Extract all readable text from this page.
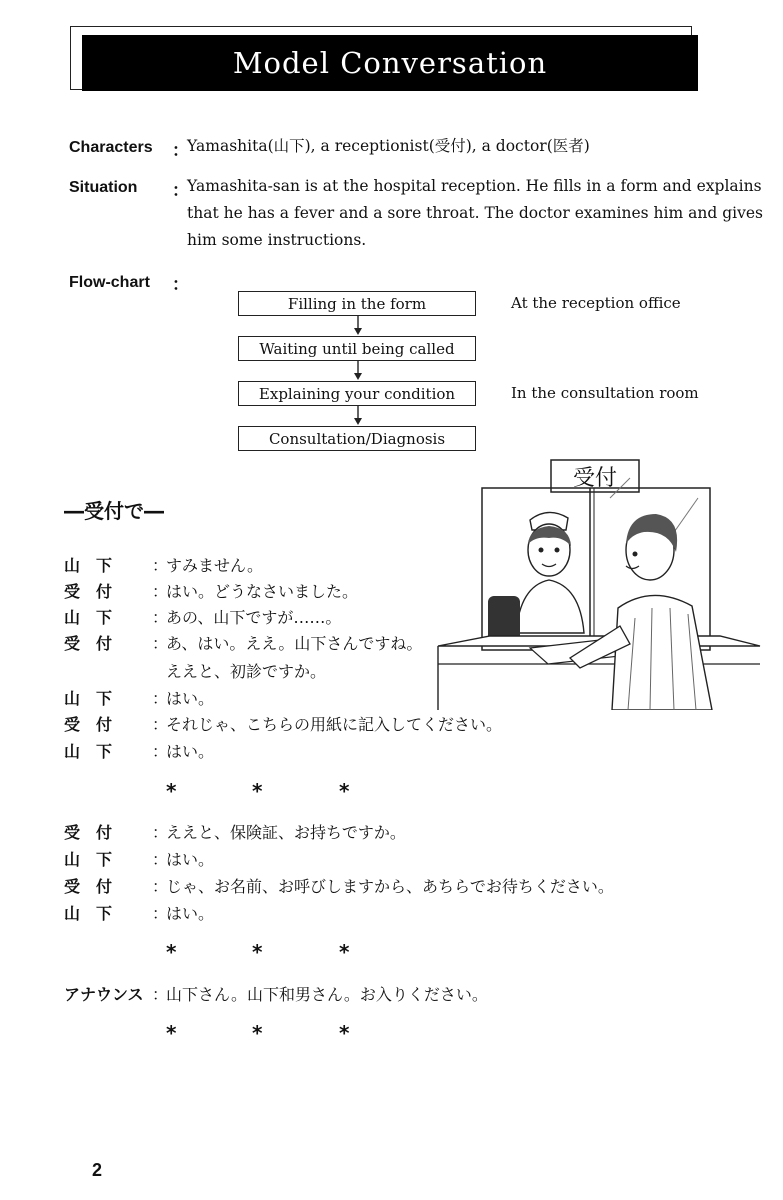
Model Conversation
Characters ：
Yamashita(山下), a receptionist(受付), a doctor(医者)
Situation ：
Yamashita-san is at the hospital reception. He fills in a form and explains
that he has a fever and a sore throat. The doctor examines him and gives
him some instructions.
Flow-chart ：
Filling in the form
Waiting until being called
Explaining your condition
Consultation/Diagnosis
At the reception office
In the consultation room
―受付で―
受付
山　下 ：
すみません。
受　付 ：
はい。どうなさいました。
山　下 ：
あの、山下ですが……。
受　付 ：
あ、はい。ええ。山下さんですね。
ええと、初診ですか。
山　下 ：
はい。
受　付 ：
それじゃ、こちらの用紙に記入してください。
山　下 ：
はい。
*	*	*
受　付 ：
ええと、保険証、お持ちですか。
山　下 ：
はい。
受　付 ：
じゃ、お名前、お呼びしますから、あちらでお待ちください。
山　下 ：
はい。
*	*	*
アナウンス ：
山下さん。山下和男さん。お入りください。
*	*	*
2
